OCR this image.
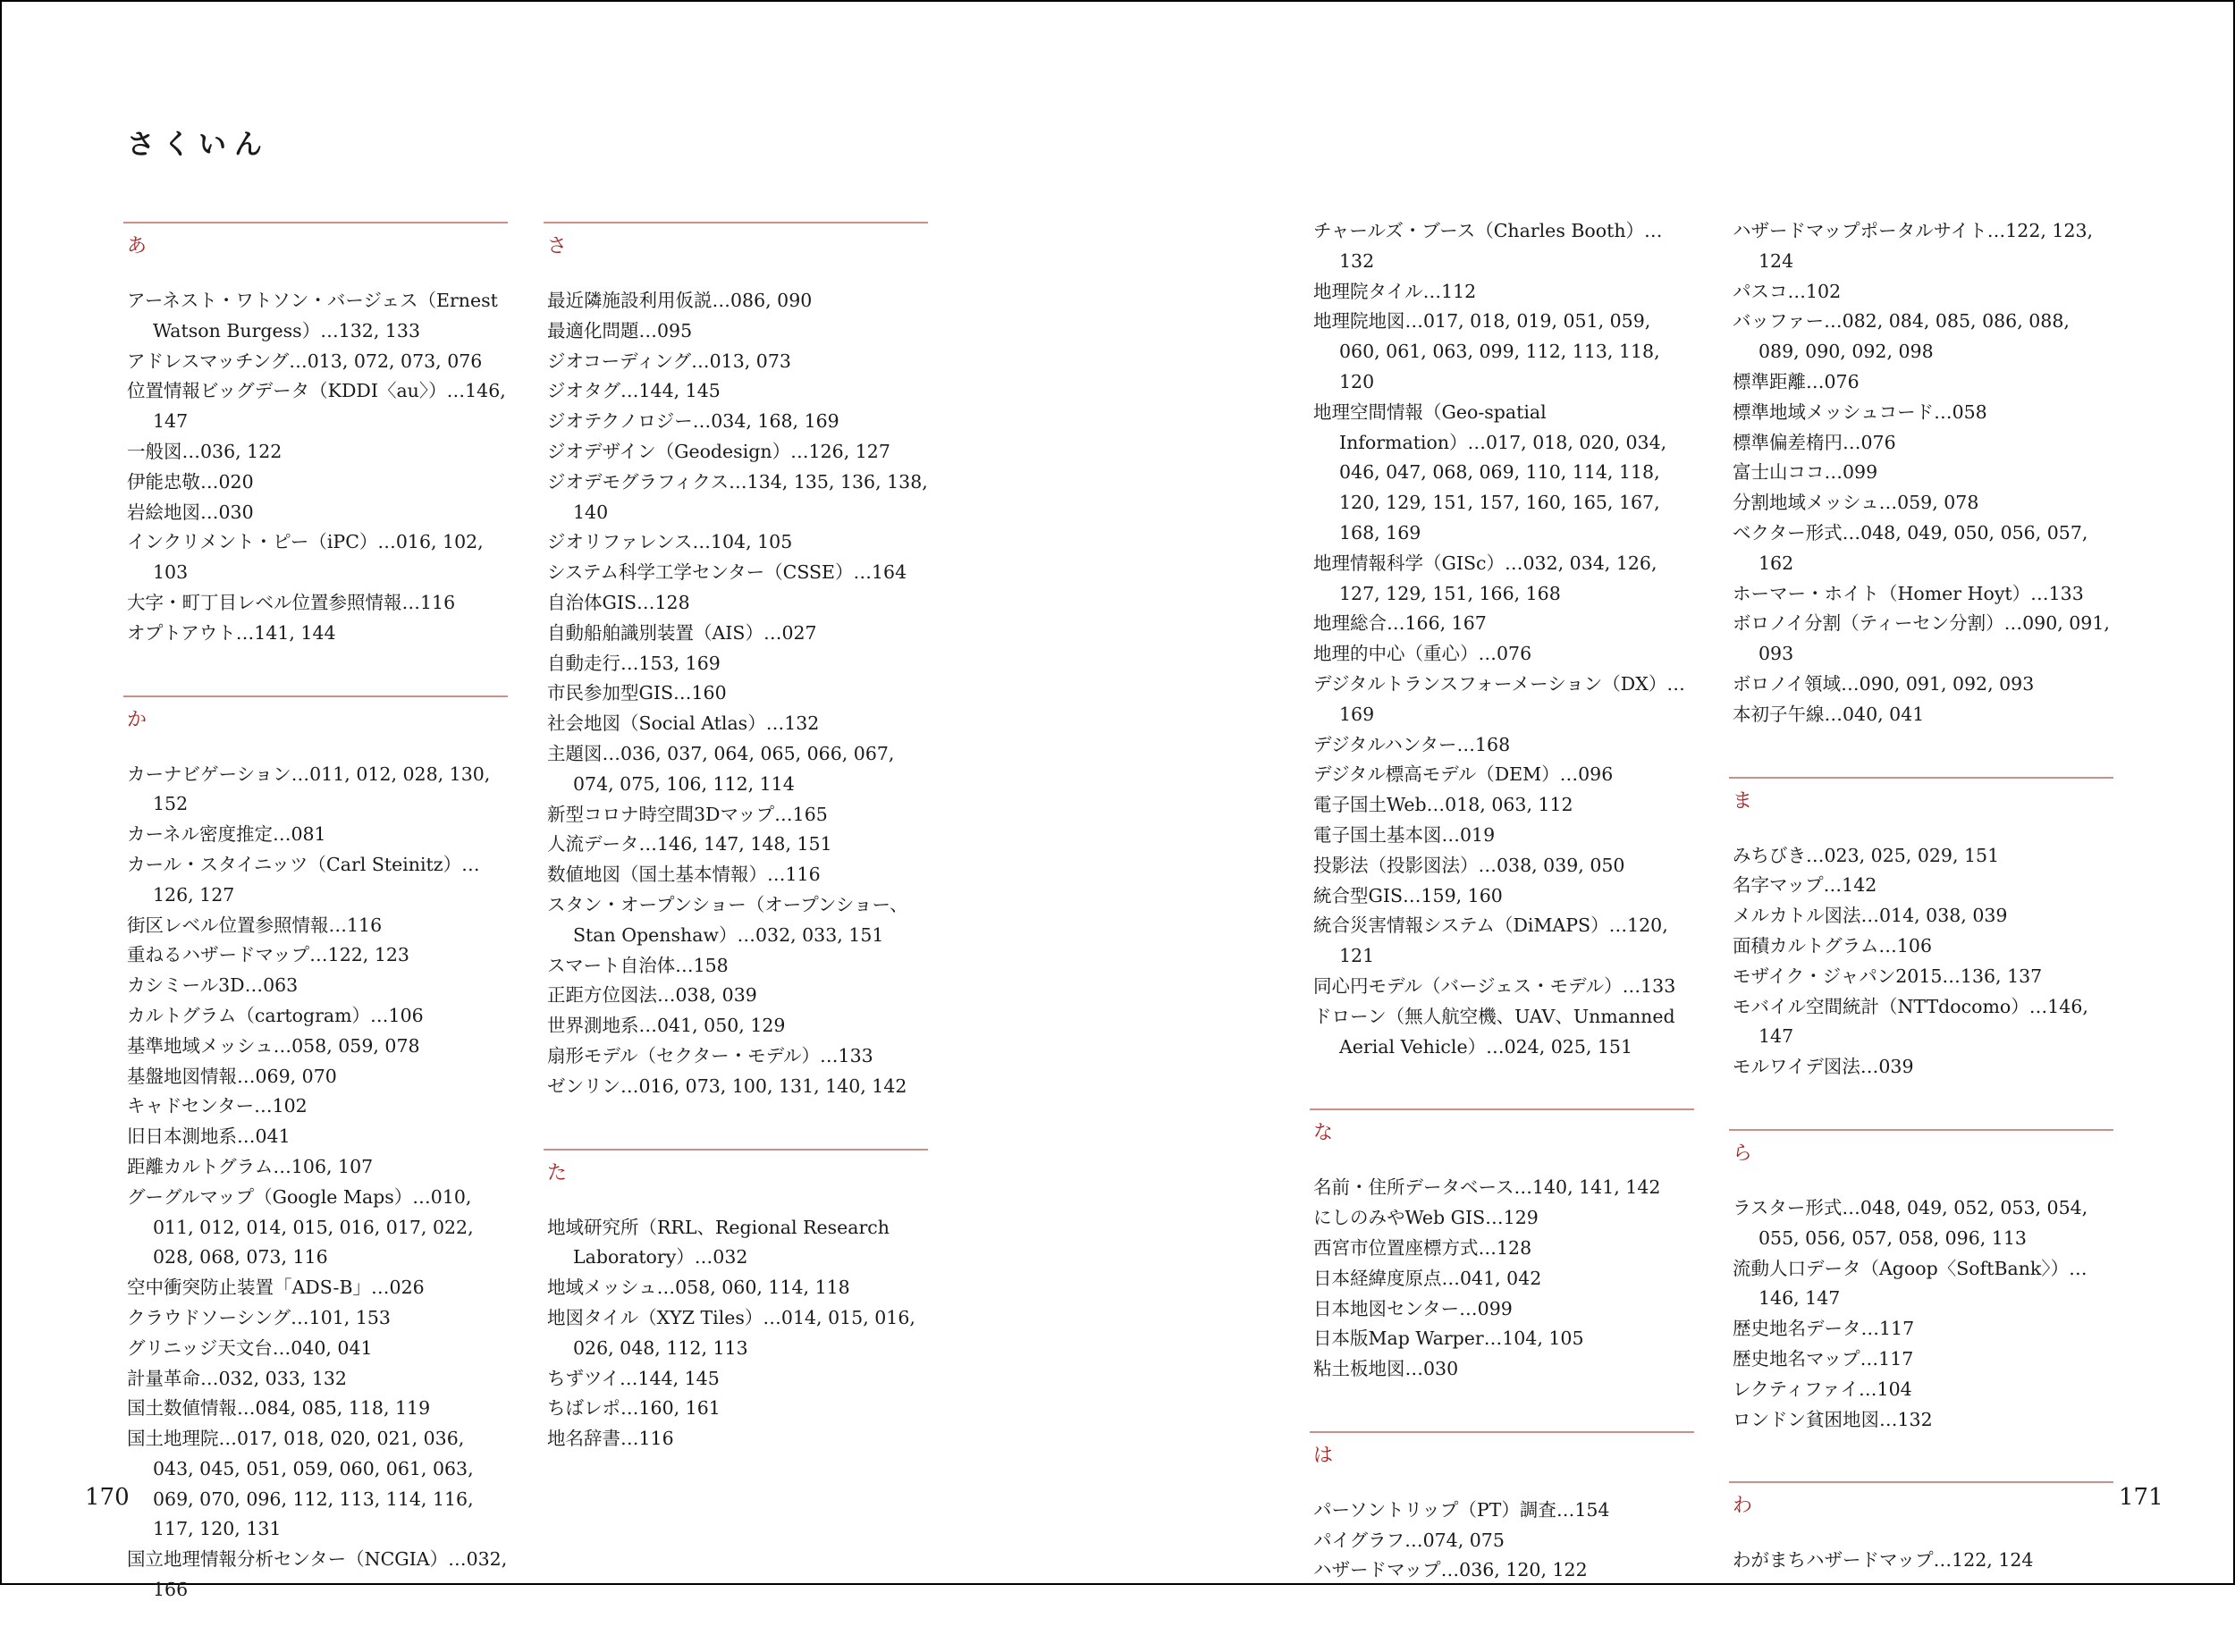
さくいん
あ
アーネスト・ワトソン・バージェス（Ernest Watson Burgess）…132, 133
アドレスマッチング…013, 072, 073, 076
位置情報ビッグデータ（KDDI〈au〉）…146, 147
一般図…036, 122
伊能忠敬…020
岩絵地図…030
インクリメント・ピー（iPC）…016, 102, 103
大字・町丁目レベル位置参照情報…116
オプトアウト…141, 144
か
カーナビゲーション…011, 012, 028, 130, 152
カーネル密度推定…081
カール・スタイニッツ（Carl Steinitz）…126, 127
街区レベル位置参照情報…116
重ねるハザードマップ…122, 123
カシミール3D…063
カルトグラム（cartogram）…106
基準地域メッシュ…058, 059, 078
基盤地図情報…069, 070
キャドセンター…102
旧日本測地系…041
距離カルトグラム…106, 107
グーグルマップ（Google Maps）…010, 011, 012, 014, 015, 016, 017, 022, 028, 068, 073, 116
空中衝突防止装置「ADS-B」…026
クラウドソーシング…101, 153
グリニッジ天文台…040, 041
計量革命…032, 033, 132
国土数値情報…084, 085, 118, 119
国土地理院…017, 018, 020, 021, 036, 043, 045, 051, 059, 060, 061, 063, 069, 070, 096, 112, 113, 114, 116, 117, 120, 131
国立地理情報分析センター（NCGIA）…032, 166
さ
最近隣施設利用仮説…086, 090
最適化問題…095
ジオコーディング…013, 073
ジオタグ…144, 145
ジオテクノロジー…034, 168, 169
ジオデザイン（Geodesign）…126, 127
ジオデモグラフィクス…134, 135, 136, 138, 140
ジオリファレンス…104, 105
システム科学工学センター（CSSE）…164
自治体GIS…128
自動船舶識別装置（AIS）…027
自動走行…153, 169
市民参加型GIS…160
社会地図（Social Atlas）…132
主題図…036, 037, 064, 065, 066, 067, 074, 075, 106, 112, 114
新型コロナ時空間3Dマップ…165
人流データ…146, 147, 148, 151
数値地図（国土基本情報）…116
スタン・オープンショー（オープンショー、Stan Openshaw）…032, 033, 151
スマート自治体…158
正距方位図法…038, 039
世界測地系…041, 050, 129
扇形モデル（セクター・モデル）…133
ゼンリン…016, 073, 100, 131, 140, 142
た
地域研究所（RRL、Regional Research Laboratory）…032
地域メッシュ…058, 060, 114, 118
地図タイル（XYZ Tiles）…014, 015, 016, 026, 048, 112, 113
ちずツイ…144, 145
ちばレポ…160, 161
地名辞書…116
チャールズ・ブース（Charles Booth）…132
地理院タイル…112
地理院地図…017, 018, 019, 051, 059, 060, 061, 063, 099, 112, 113, 118, 120
地理空間情報（Geo-spatial Information）…017, 018, 020, 034, 046, 047, 068, 069, 110, 114, 118, 120, 129, 151, 157, 160, 165, 167, 168, 169
地理情報科学（GISc）…032, 034, 126, 127, 129, 151, 166, 168
地理総合…166, 167
地理的中心（重心）…076
デジタルトランスフォーメーション（DX）…169
デジタルハンター…168
デジタル標高モデル（DEM）…096
電子国土Web…018, 063, 112
電子国土基本図…019
投影法（投影図法）…038, 039, 050
統合型GIS…159, 160
統合災害情報システム（DiMAPS）…120, 121
同心円モデル（バージェス・モデル）…133
ドローン（無人航空機、UAV、Unmanned Aerial Vehicle）…024, 025, 151
な
名前・住所データベース…140, 141, 142
にしのみやWeb GIS…129
西宮市位置座標方式…128
日本経緯度原点…041, 042
日本地図センター…099
日本版Map Warper…104, 105
粘土板地図…030
は
パーソントリップ（PT）調査…154
パイグラフ…074, 075
ハザードマップ…036, 120, 122
ハザードマップポータルサイト…122, 123, 124
パスコ…102
バッファー…082, 084, 085, 086, 088, 089, 090, 092, 098
標準距離…076
標準地域メッシュコード…058
標準偏差楕円…076
富士山ココ…099
分割地域メッシュ…059, 078
ベクター形式…048, 049, 050, 056, 057, 162
ホーマー・ホイト（Homer Hoyt）…133
ボロノイ分割（ティーセン分割）…090, 091, 093
ボロノイ領域…090, 091, 092, 093
本初子午線…040, 041
ま
みちびき…023, 025, 029, 151
名字マップ…142
メルカトル図法…014, 038, 039
面積カルトグラム…106
モザイク・ジャパン2015…136, 137
モバイル空間統計（NTTdocomo）…146, 147
モルワイデ図法…039
ら
ラスター形式…048, 049, 052, 053, 054, 055, 056, 057, 058, 096, 113
流動人口データ（Agoop〈SoftBank〉）…146, 147
歴史地名データ…117
歴史地名マップ…117
レクティファイ…104
ロンドン貧困地図…132
わ
わがまちハザードマップ…122, 124
170	171
